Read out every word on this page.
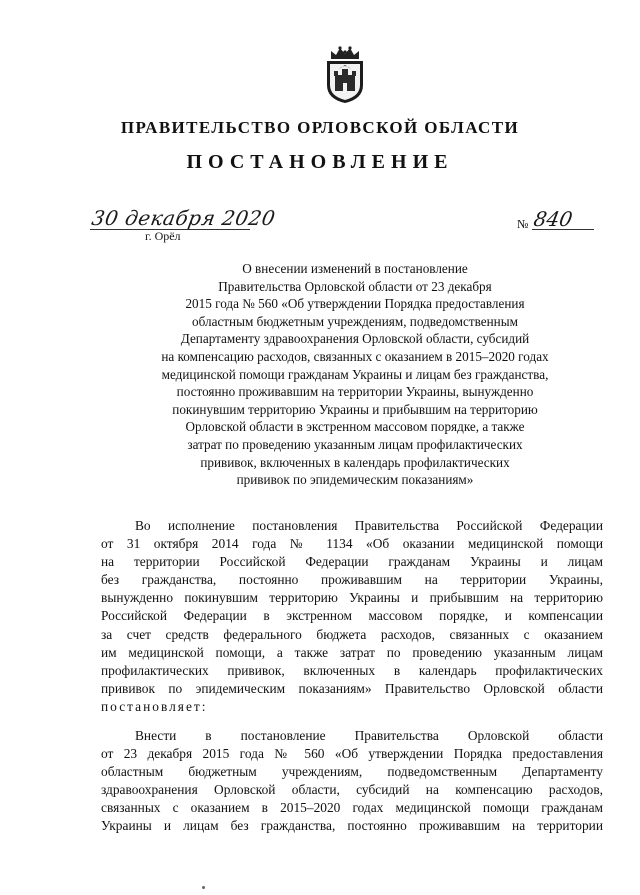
ПРАВИТЕЛЬСТВО ОРЛОВСКОЙ ОБЛАСТИ
ПОСТАНОВЛЕНИЕ
30 декабря 2020
г. Орёл
№ 840
О внесении изменений в постановление
Правительства Орловской области от 23 декабря
2015 года № 560 «Об утверждении Порядка предоставления
областным бюджетным учреждениям, подведомственным
Департаменту здравоохранения Орловской области, субсидий
на компенсацию расходов, связанных с оказанием в 2015–2020 годах
медицинской помощи гражданам Украины и лицам без гражданства,
постоянно проживавшим на территории Украины, вынужденно
покинувшим территорию Украины и прибывшим на территорию
Орловской области в экстренном массовом порядке, а также
затрат по проведению указанным лицам профилактических
прививок, включенных в календарь профилактических
прививок по эпидемическим показаниям»
Во исполнение постановления Правительства Российской Федерации
от 31 октября 2014 года № 1134 «Об оказании медицинской помощи
на территории Российской Федерации гражданам Украины и лицам
без гражданства, постоянно проживавшим на территории Украины,
вынужденно покинувшим территорию Украины и прибывшим на территорию
Российской Федерации в экстренном массовом порядке, и компенсации
за счет средств федерального бюджета расходов, связанных с оказанием
им медицинской помощи, а также затрат по проведению указанным лицам
профилактических прививок, включенных в календарь профилактических
прививок по эпидемическим показаниям» Правительство Орловской области
постановляет:
Внести в постановление Правительства Орловской области
от 23 декабря 2015 года № 560 «Об утверждении Порядка предоставления
областным бюджетным учреждениям, подведомственным Департаменту
здравоохранения Орловской области, субсидий на компенсацию расходов,
связанных с оказанием в 2015–2020 годах медицинской помощи гражданам
Украины и лицам без гражданства, постоянно проживавшим на территории
